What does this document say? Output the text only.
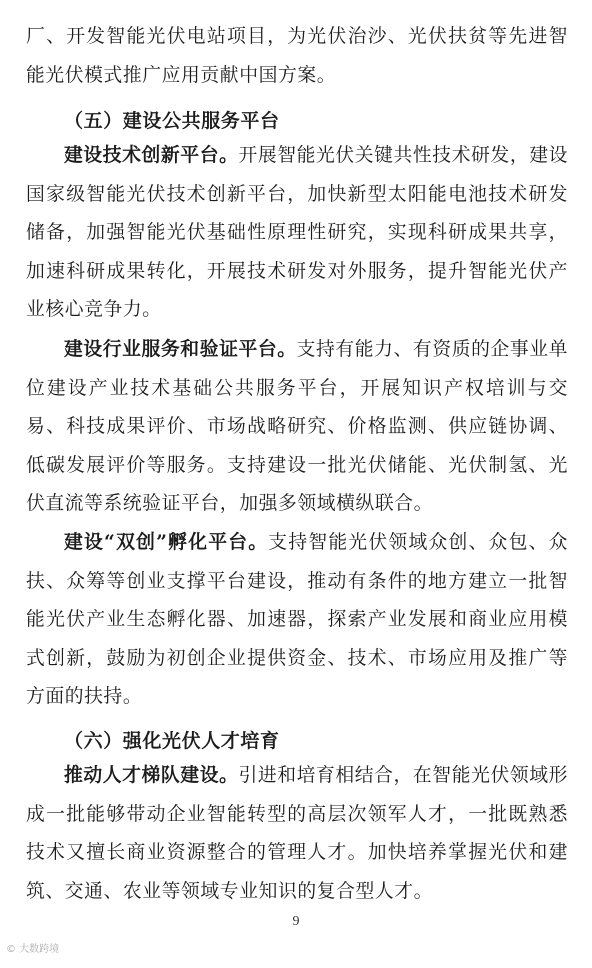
厂、开发智能光伏电站项目，为光伏治沙、光伏扶贫等先进智能光伏模式推广应用贡献中国方案。
（五）建设公共服务平台
建设技术创新平台。开展智能光伏关键共性技术研发，建设国家级智能光伏技术创新平台，加快新型太阳能电池技术研发储备，加强智能光伏基础性原理性研究，实现科研成果共享，加速科研成果转化，开展技术研发对外服务，提升智能光伏产业核心竞争力。
建设行业服务和验证平台。支持有能力、有资质的企事业单位建设产业技术基础公共服务平台，开展知识产权培训与交易、科技成果评价、市场战略研究、价格监测、供应链协调、低碳发展评价等服务。支持建设一批光伏储能、光伏制氢、光伏直流等系统验证平台，加强多领域横纵联合。
建设“双创”孵化平台。支持智能光伏领域众创、众包、众扶、众筹等创业支撑平台建设，推动有条件的地方建立一批智能光伏产业生态孵化器、加速器，探索产业发展和商业应用模式创新，鼓励为初创企业提供资金、技术、市场应用及推广等方面的扶持。
（六）强化光伏人才培育
推动人才梯队建设。引进和培育相结合，在智能光伏领域形成一批能够带动企业智能转型的高层次领军人才，一批既熟悉技术又擅长商业资源整合的管理人才。加快培养掌握光伏和建筑、交通、农业等领域专业知识的复合型人才。
9
© 大数跨境
